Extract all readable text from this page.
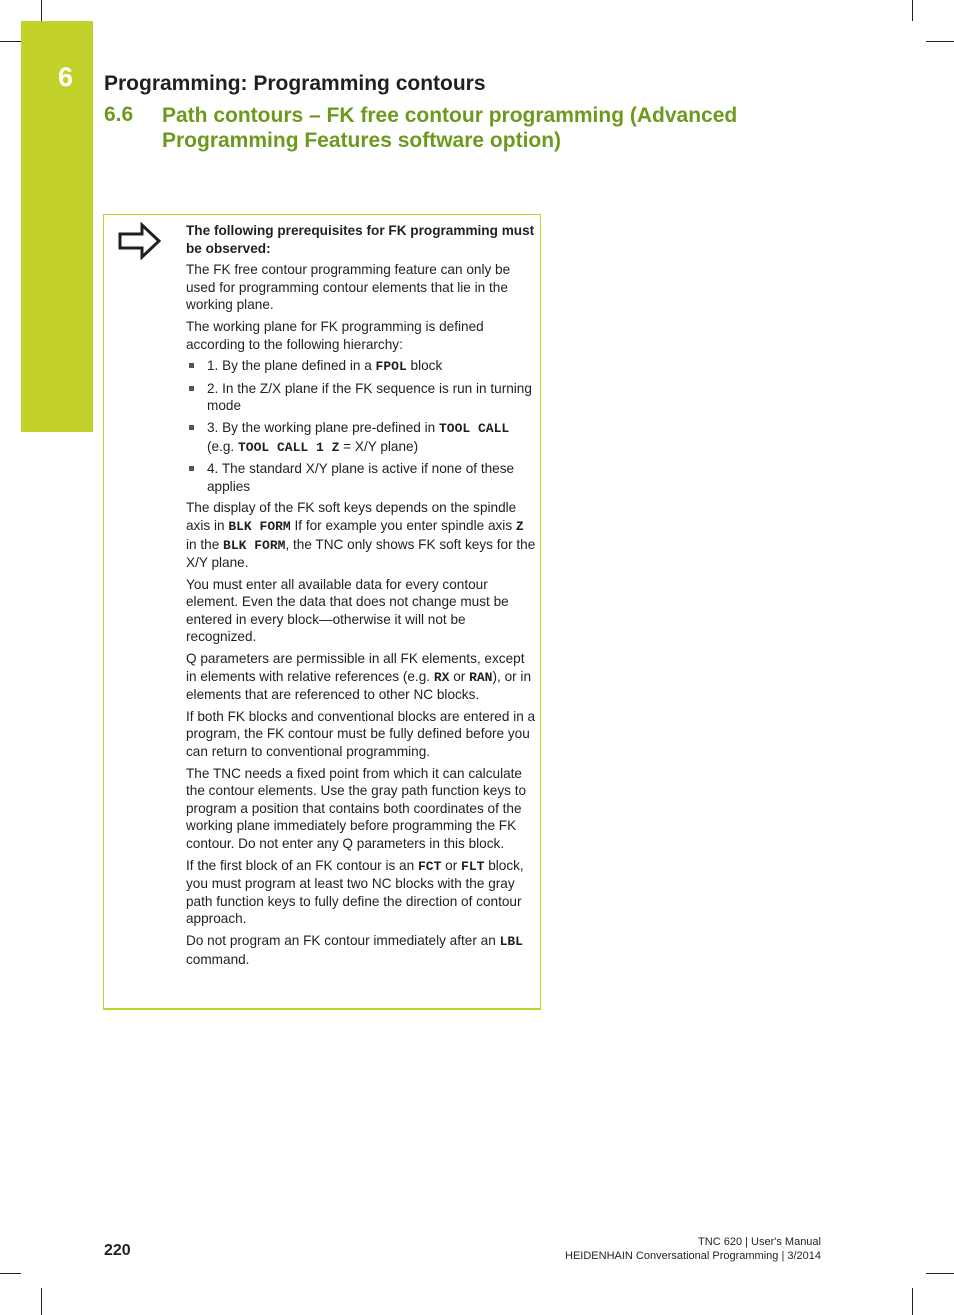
6 Programming: Programming contours
6.6 Path contours – FK free contour programming (Advanced Programming Features software option)

The following prerequisites for FK programming must be observed:

The FK free contour programming feature can only be used for programming contour elements that lie in the working plane.

The working plane for FK programming is defined according to the following hierarchy:

1. By the plane defined in a FPOL block
2. In the Z/X plane if the FK sequence is run in turning mode
3. By the working plane pre-defined in TOOL CALL (e.g. TOOL CALL 1 Z = X/Y plane)
4. The standard X/Y plane is active if none of these applies

The display of the FK soft keys depends on the spindle axis in BLK FORM If for example you enter spindle axis Z in the BLK FORM, the TNC only shows FK soft keys for the X/Y plane.

You must enter all available data for every contour element. Even the data that does not change must be entered in every block—otherwise it will not be recognized.

Q parameters are permissible in all FK elements, except in elements with relative references (e.g. RX or RAN), or in elements that are referenced to other NC blocks.

If both FK blocks and conventional blocks are entered in a program, the FK contour must be fully defined before you can return to conventional programming.

The TNC needs a fixed point from which it can calculate the contour elements. Use the gray path function keys to program a position that contains both coordinates of the working plane immediately before programming the FK contour. Do not enter any Q parameters in this block.

If the first block of an FK contour is an FCT or FLT block, you must program at least two NC blocks with the gray path function keys to fully define the direction of contour approach.

Do not program an FK contour immediately after an LBL command.

220	TNC 620 | User's Manual
HEIDENHAIN Conversational Programming | 3/2014
